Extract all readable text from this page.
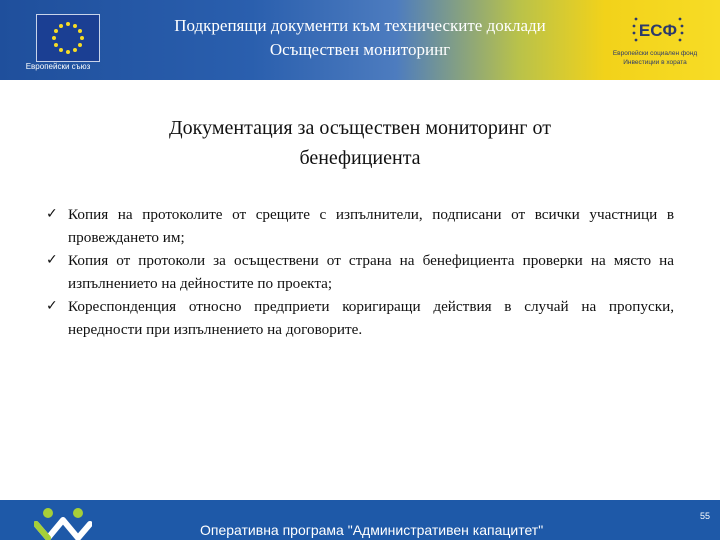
Европейски съюз
Подкрепящи документи към техническите доклади
Осъществен мониторинг
ЕСФ
Европейски социален фонд
Инвестиции в хората
Документация за осъществен мониторинг от
бенефициента
✓ Копия на протоколите от срещите с изпълнители, подписани от всички участници в провеждането им;
✓ Копия от протоколи за осъществени от страна на бенефициента проверки на място на изпълнението на дейностите по проекта;
✓ Кореспонденция относно предприети коригиращи действия в случай на пропуски, нередности при изпълнението на договорите.
Оперативна програма "Административен капацитет"
55
